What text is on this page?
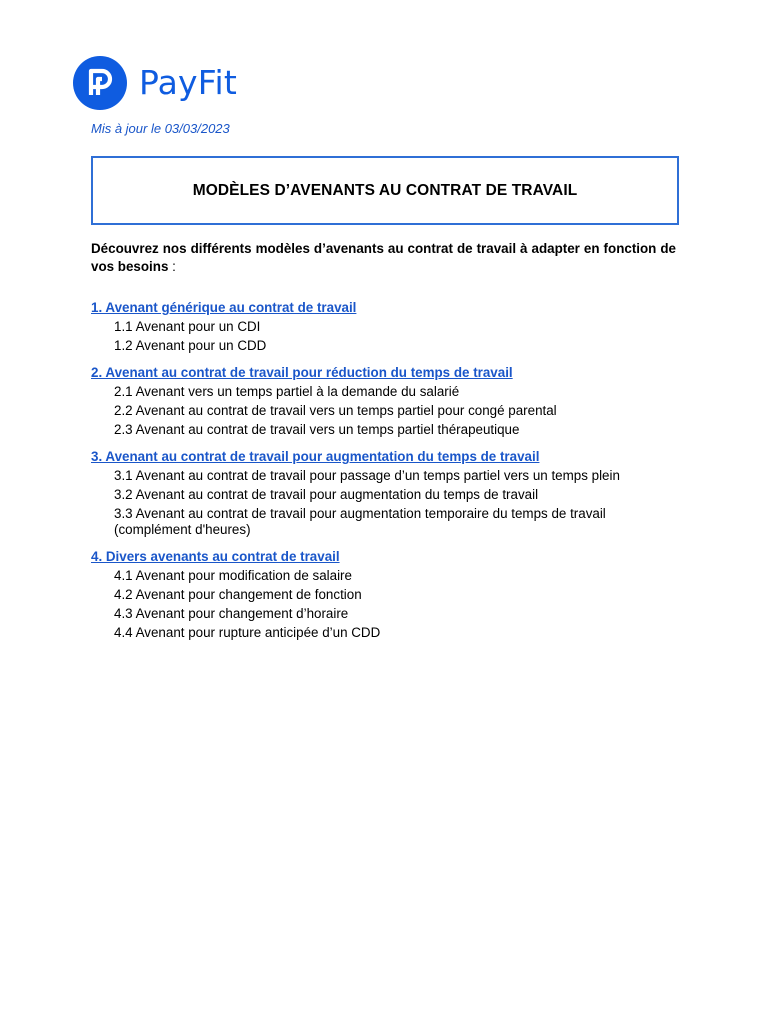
PayFit
Mis à jour le 03/03/2023
MODÈLES D’AVENANTS AU CONTRAT DE TRAVAIL

Découvrez nos différents modèles d’avenants au contrat de travail à adapter en fonction de vos besoins :

1. Avenant générique au contrat de travail
1.1 Avenant pour un CDI
1.2 Avenant pour un CDD
2. Avenant au contrat de travail pour réduction du temps de travail
2.1 Avenant vers un temps partiel à la demande du salarié
2.2 Avenant au contrat de travail vers un temps partiel pour congé parental
2.3 Avenant au contrat de travail vers un temps partiel thérapeutique
3. Avenant au contrat de travail pour augmentation du temps de travail
3.1 Avenant au contrat de travail pour passage d’un temps partiel vers un temps plein
3.2 Avenant au contrat de travail pour augmentation du temps de travail
3.3 Avenant au contrat de travail pour augmentation temporaire du temps de travail (complément d'heures)
4. Divers avenants au contrat de travail
4.1 Avenant pour modification de salaire
4.2 Avenant pour changement de fonction
4.3 Avenant pour changement d’horaire
4.4 Avenant pour rupture anticipée d’un CDD
